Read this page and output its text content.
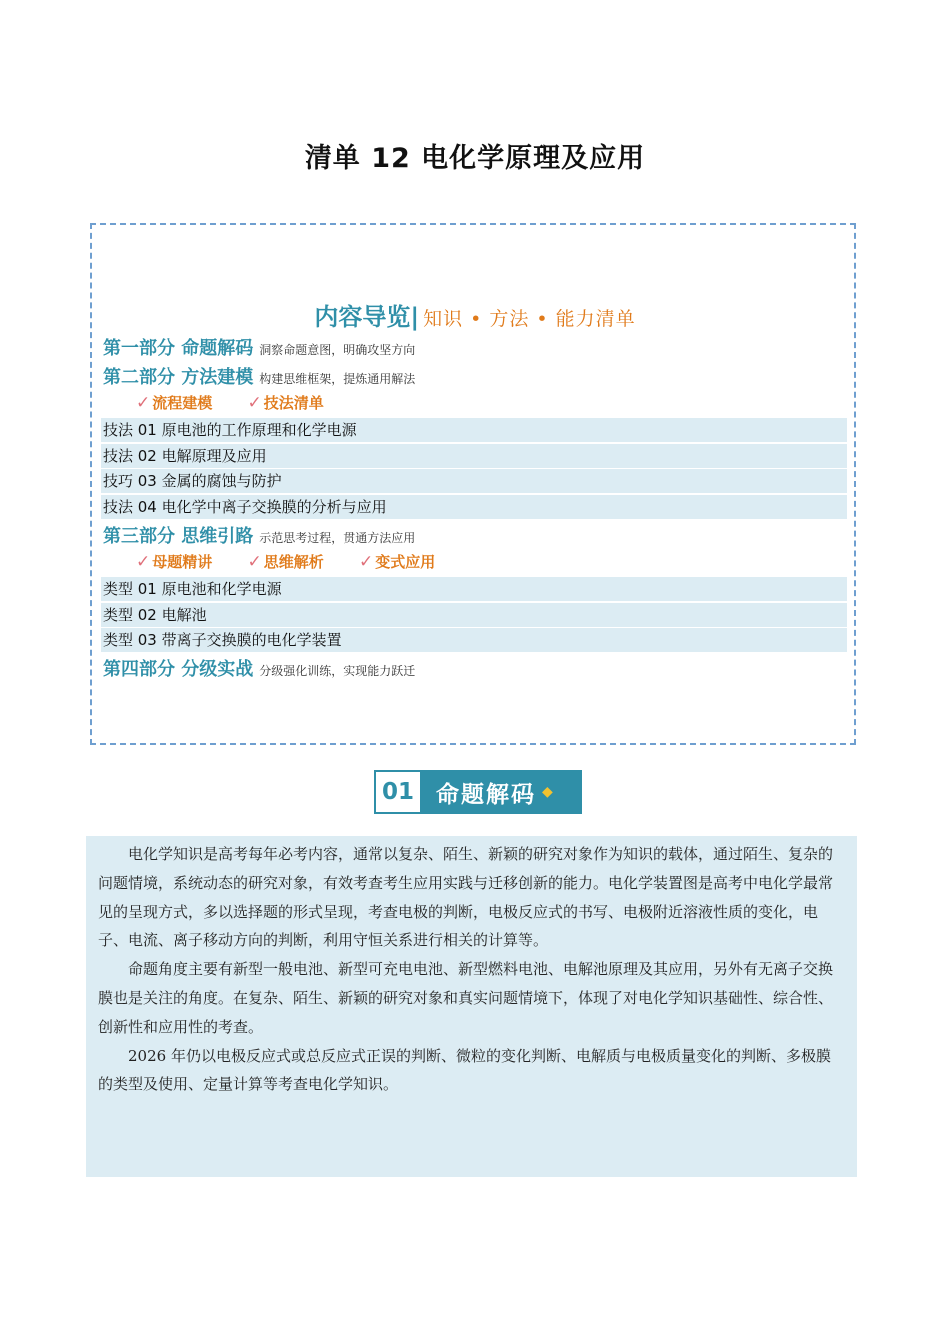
清单 12 电化学原理及应用
内容导览| 知识 • 方法 • 能力清单
第一部分 命题解码 洞察命题意图，明确攻坚方向
第二部分 方法建模 构建思维框架，提炼通用解法
✓ 流程建模 ✓ 技法清单
技法 01 原电池的工作原理和化学电源
技法 02 电解原理及应用
技巧 03 金属的腐蚀与防护
技法 04 电化学中离子交换膜的分析与应用
第三部分 思维引路 示范思考过程，贯通方法应用
✓ 母题精讲 ✓ 思维解析 ✓ 变式应用
类型 01 原电池和化学电源
类型 02 电解池
类型 03 带离子交换膜的电化学装置
第四部分 分级实战 分级强化训练，实现能力跃迁
01 命题解码 ◆

电化学知识是高考每年必考内容，通常以复杂、陌生、新颖的研究对象作为知识的载体，通过陌生、复杂的问题情境，系统动态的研究对象，有效考查考生应用实践与迁移创新的能力。电化学装置图是高考中电化学最常见的呈现方式，多以选择题的形式呈现，考查电极的判断，电极反应式的书写、电极附近溶液性质的变化，电子、电流、离子移动方向的判断，利用守恒关系进行相关的计算等。

命题角度主要有新型一般电池、新型可充电电池、新型燃料电池、电解池原理及其应用，另外有无离子交换膜也是关注的角度。在复杂、陌生、新颖的研究对象和真实问题情境下，体现了对电化学知识基础性、综合性、创新性和应用性的考查。

2026 年仍以电极反应式或总反应式正误的判断、微粒的变化判断、电解质与电极质量变化的判断、多极膜的类型及使用、定量计算等考查电化学知识。
